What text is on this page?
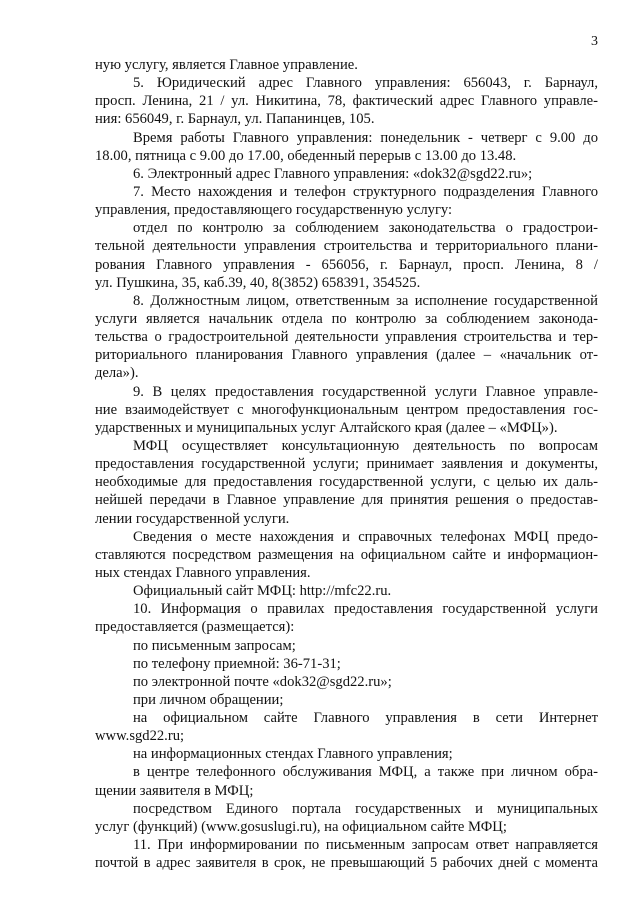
3
ную услугу, является Главное управление.
5. Юридический адрес Главного управления: 656043, г. Барнаул,
просп. Ленина, 21 / ул. Никитина, 78, фактический адрес Главного управле-
ния: 656049, г. Барнаул, ул. Папанинцев, 105.
Время работы Главного управления: понедельник - четверг с 9.00 до
18.00, пятница с 9.00 до 17.00, обеденный перерыв с 13.00 до 13.48.
6. Электронный адрес Главного управления: «dok32@sgd22.ru»;
7. Место нахождения и телефон структурного подразделения Главного
управления, предоставляющего государственную услугу:
отдел по контролю за соблюдением законодательства о градострои-
тельной деятельности управления строительства и территориального плани-
рования Главного управления - 656056, г. Барнаул, просп. Ленина, 8 /
ул. Пушкина, 35, каб.39, 40, 8(3852) 658391, 354525.
8. Должностным лицом, ответственным за исполнение государственной
услуги является начальник отдела по контролю за соблюдением законода-
тельства о градостроительной деятельности управления строительства и тер-
риториального планирования Главного управления (далее – «начальник от-
дела»).
9. В целях предоставления государственной услуги Главное управле-
ние взаимодействует с многофункциональным центром предоставления гос-
ударственных и муниципальных услуг Алтайского края (далее – «МФЦ»).
МФЦ осуществляет консультационную деятельность по вопросам
предоставления государственной услуги; принимает заявления и документы,
необходимые для предоставления государственной услуги, с целью их даль-
нейшей передачи в Главное управление для принятия решения о предостав-
лении государственной услуги.
Сведения о месте нахождения и справочных телефонах МФЦ предо-
ставляются посредством размещения на официальном сайте и информацион-
ных стендах Главного управления.
Официальный сайт МФЦ: http://mfc22.ru.
10. Информация о правилах предоставления государственной услуги
предоставляется (размещается):
по письменным запросам;
по телефону приемной: 36-71-31;
по электронной почте «dok32@sgd22.ru»;
при личном обращении;
на официальном сайте Главного управления в сети Интернет
www.sgd22.ru;
на информационных стендах Главного управления;
в центре телефонного обслуживания МФЦ, а также при личном обра-
щении заявителя в МФЦ;
посредством Единого портала государственных и муниципальных
услуг (функций) (www.gosuslugi.ru), на официальном сайте МФЦ;
11. При информировании по письменным запросам ответ направляется
почтой в адрес заявителя в срок, не превышающий 5 рабочих дней с момента
